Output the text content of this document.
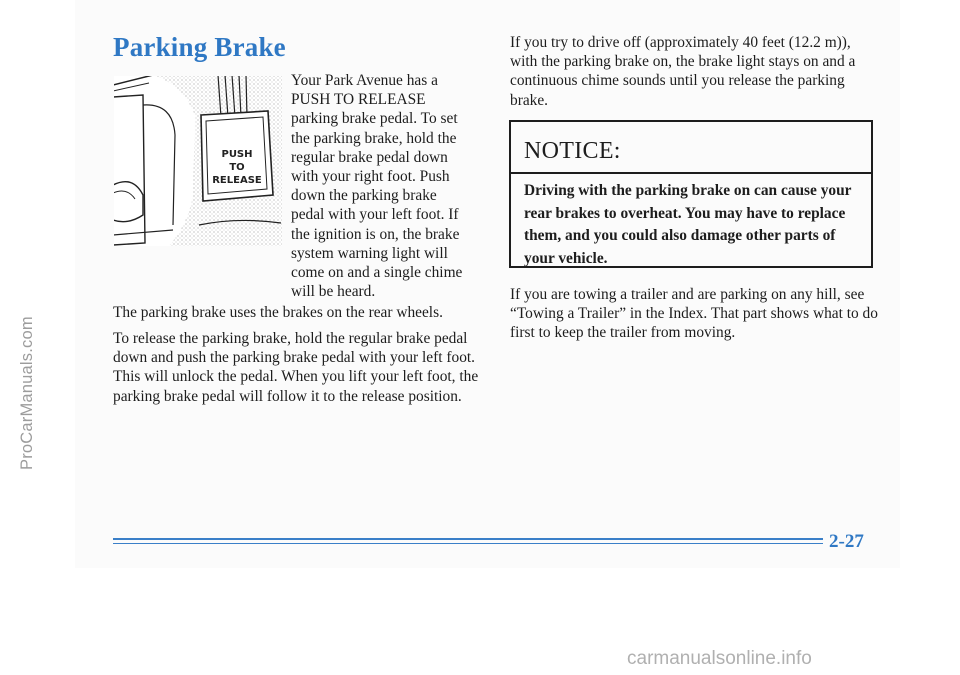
Parking Brake
PUSH
TO
RELEASE

Your Park Avenue has a PUSH TO RELEASE parking brake pedal. To set the parking brake, hold the regular brake pedal down with your right foot. Push down the parking brake pedal with your left foot. If the ignition is on, the brake system warning light will come on and a single chime will be heard.

The parking brake uses the brakes on the rear wheels.

To release the parking brake, hold the regular brake pedal down and push the parking brake pedal with your left foot. This will unlock the pedal. When you lift your left foot, the parking brake pedal will follow it to the release position.

If you try to drive off (approximately 40 feet (12.2 m)), with the parking brake on, the brake light stays on and a continuous chime sounds until you release the parking brake.

NOTICE:

Driving with the parking brake on can cause your rear brakes to overheat. You may have to replace them, and you could also damage other parts of your vehicle.

If you are towing a trailer and are parking on any hill, see “Towing a Trailer” in the Index. That part shows what to do first to keep the trailer from moving.

2-27
ProCarManuals.com
carmanualsonline.info
